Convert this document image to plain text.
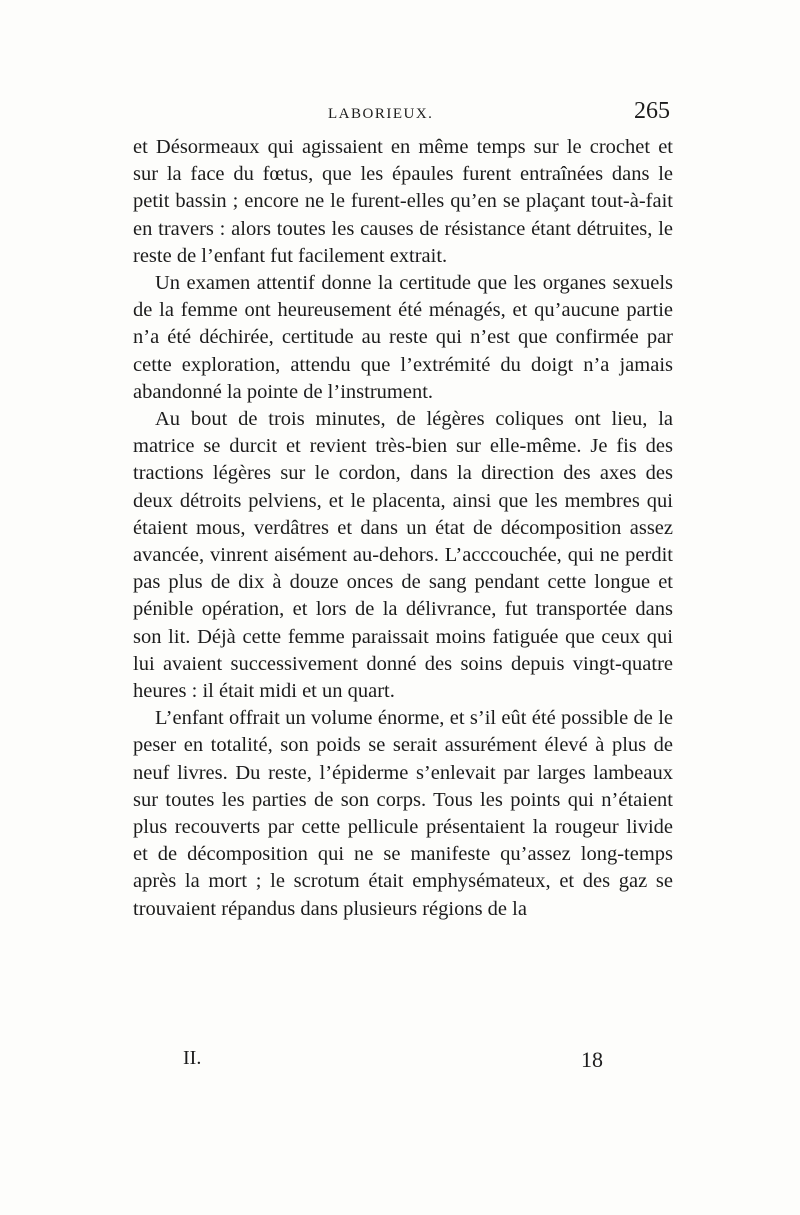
LABORIEUX.	265

et Désormeaux qui agissaient en même temps sur le crochet et sur la face du fœtus, que les épaules furent entraînées dans le petit bassin ; encore ne le furent-elles qu’en se plaçant tout-à-fait en travers : alors toutes les causes de résistance étant détruites, le reste de l’enfant fut facilement extrait.

Un examen attentif donne la certitude que les organes sexuels de la femme ont heureusement été ménagés, et qu’aucune partie n’a été déchirée, certitude au reste qui n’est que confirmée par cette exploration, attendu que l’extrémité du doigt n’a jamais abandonné la pointe de l’instrument.

Au bout de trois minutes, de légères coliques ont lieu, la matrice se durcit et revient très-bien sur elle-même. Je fis des tractions légères sur le cordon, dans la direction des axes des deux détroits pelviens, et le placenta, ainsi que les membres qui étaient mous, verdâtres et dans un état de décomposition assez avancée, vinrent aisément au-dehors. L’acccouchée, qui ne perdit pas plus de dix à douze onces de sang pendant cette longue et pénible opération, et lors de la délivrance, fut transportée dans son lit. Déjà cette femme paraissait moins fatiguée que ceux qui lui avaient successivement donné des soins depuis vingt-quatre heures : il était midi et un quart.

L’enfant offrait un volume énorme, et s’il eût été possible de le peser en totalité, son poids se serait assurément élevé à plus de neuf livres. Du reste, l’épiderme s’enlevait par larges lambeaux sur toutes les parties de son corps. Tous les points qui n’étaient plus recouverts par cette pellicule présentaient la rougeur livide et de décomposition qui ne se manifeste qu’assez long-temps après la mort ; le scrotum était emphysémateux, et des gaz se trouvaient répandus dans plusieurs régions de la

II.	18
